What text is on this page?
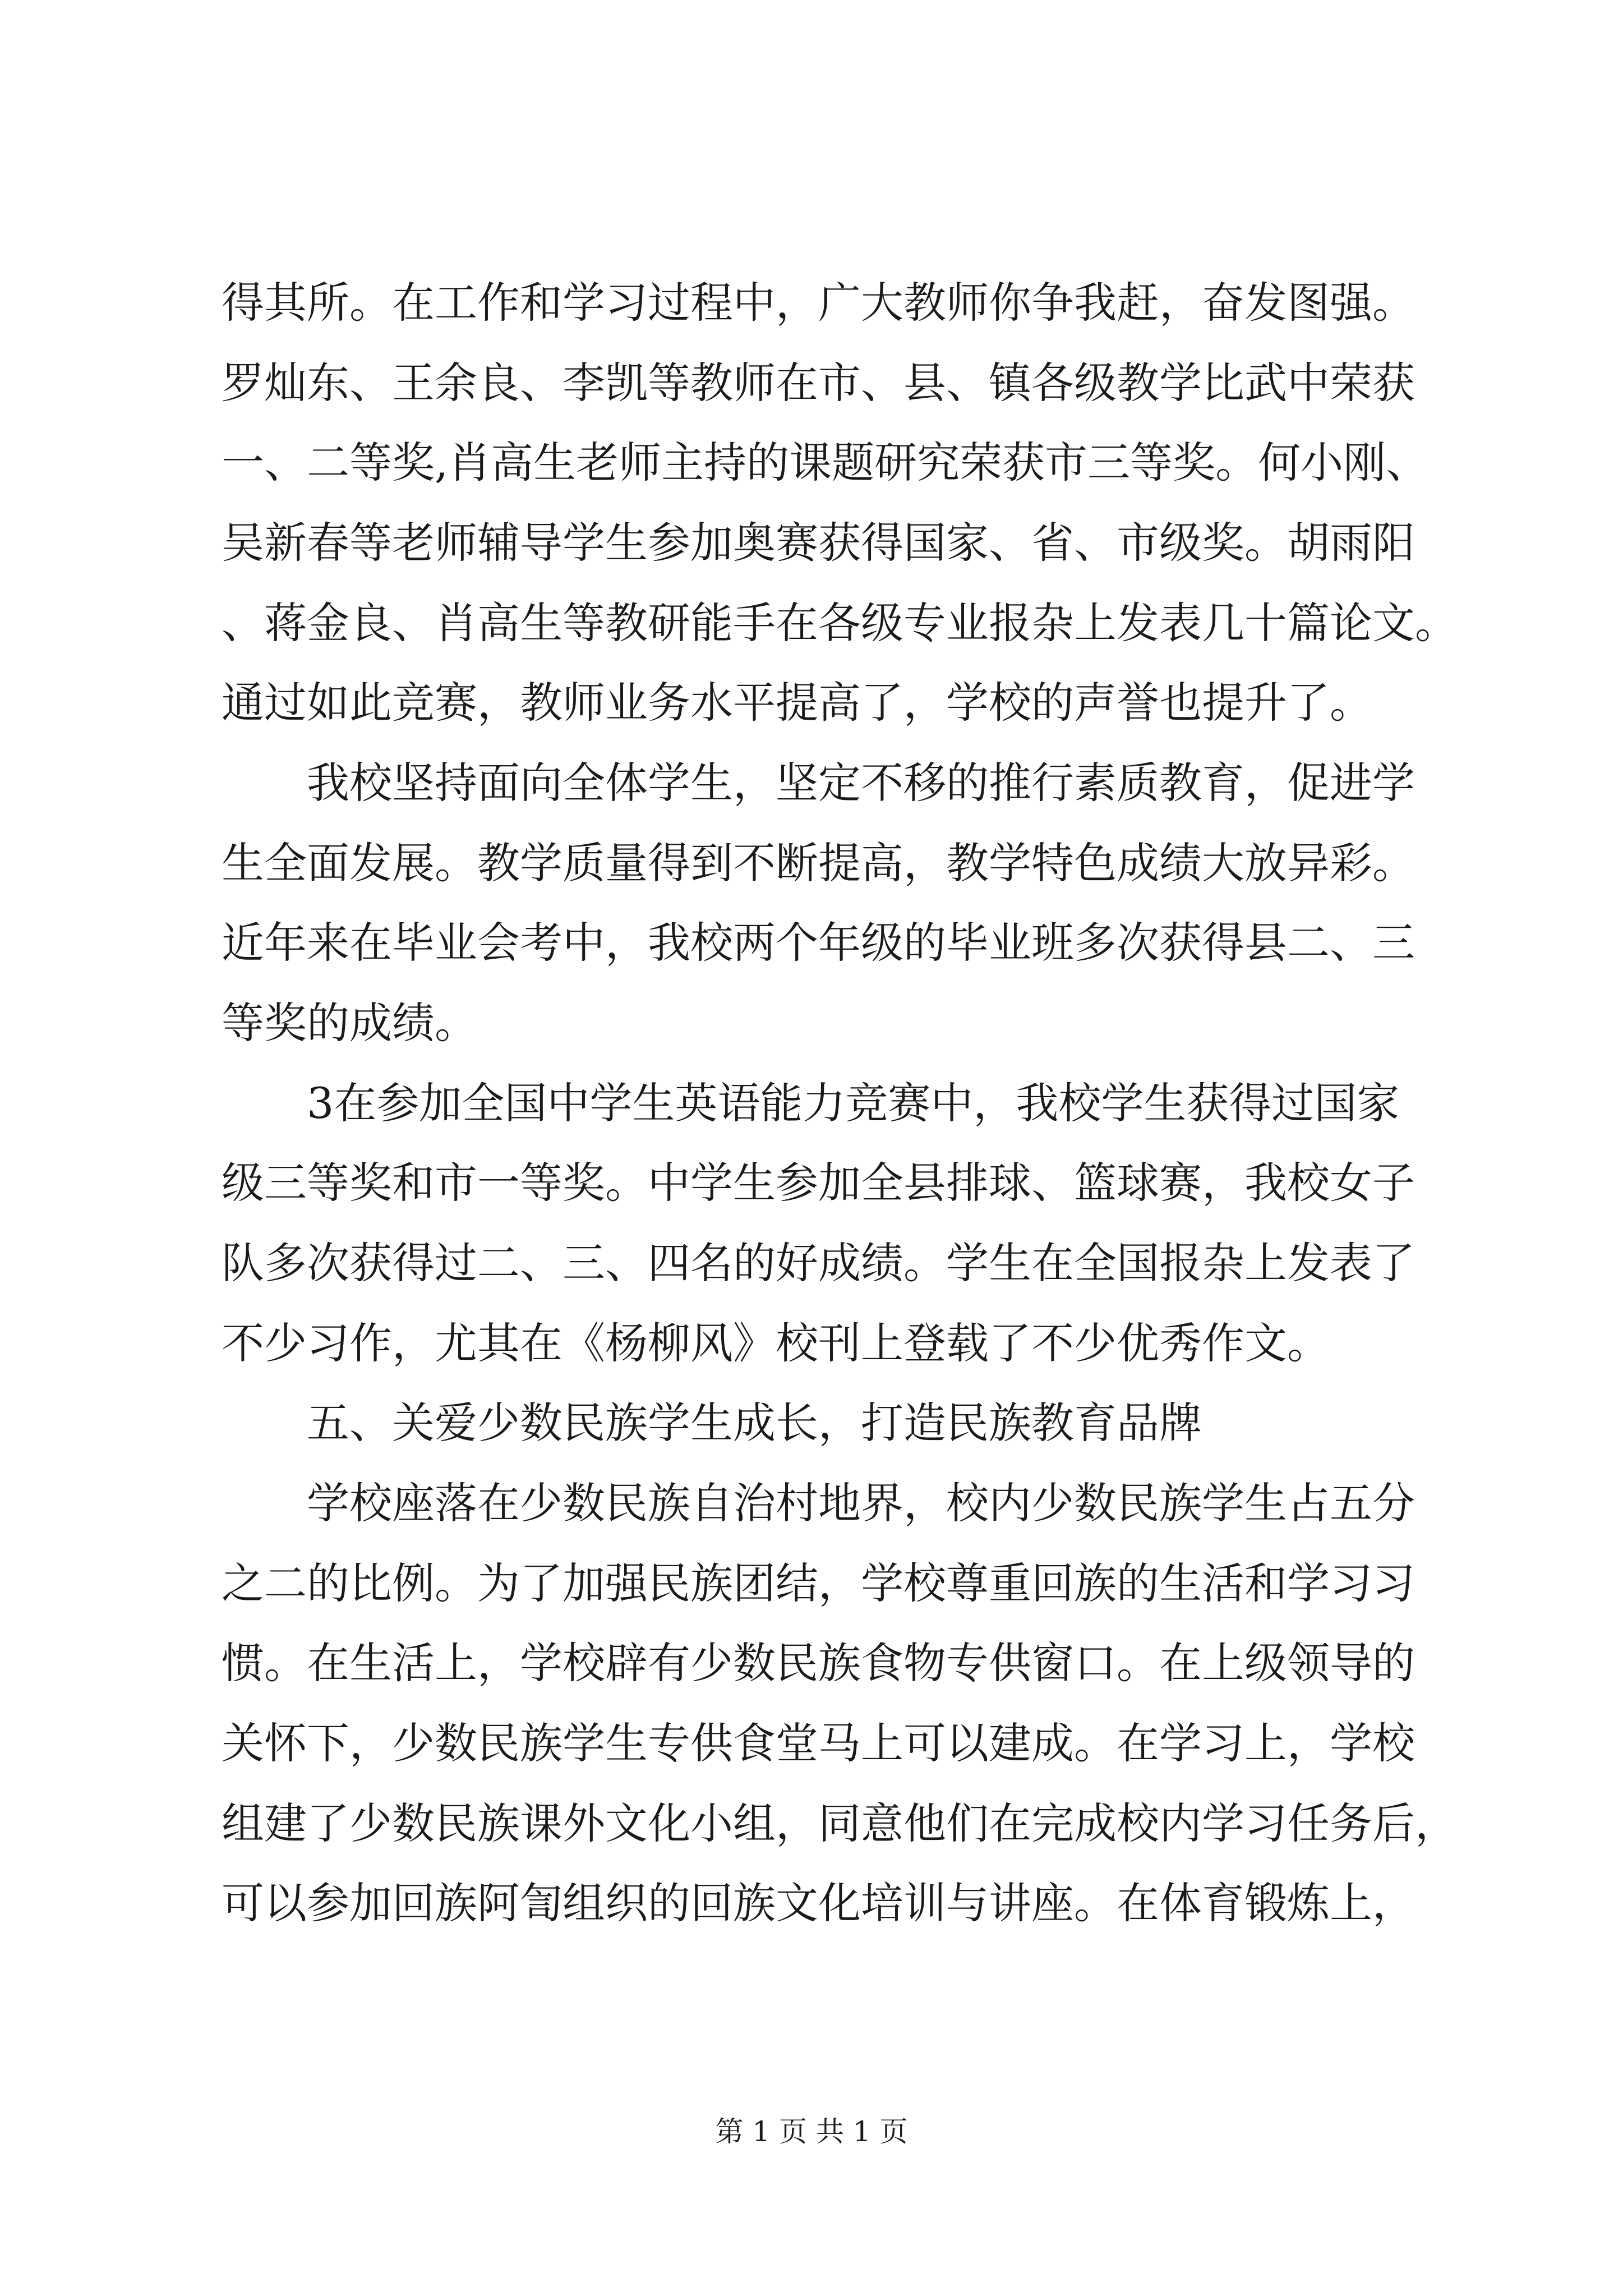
得其所。在工作和学习过程中，广大教师你争我赶，奋发图强。
罗灿东、王余良、李凯等教师在市、县、镇各级教学比武中荣获
一、二等奖,肖高生老师主持的课题研究荣获市三等奖。何小刚、
吴新春等老师辅导学生参加奥赛获得国家、省、市级奖。胡雨阳
、蒋金良、肖高生等教研能手在各级专业报杂上发表几十篇论文。
通过如此竞赛，教师业务水平提高了，学校的声誉也提升了。
　　我校坚持面向全体学生，坚定不移的推行素质教育，促进学
生全面发展。教学质量得到不断提高，教学特色成绩大放异彩。
近年来在毕业会考中，我校两个年级的毕业班多次获得县二、三
等奖的成绩。
　　3在参加全国中学生英语能力竞赛中，我校学生获得过国家
级三等奖和市一等奖。中学生参加全县排球、篮球赛，我校女子
队多次获得过二、三、四名的好成绩。学生在全国报杂上发表了
不少习作，尤其在《杨柳风》校刊上登载了不少优秀作文。
　　五、关爱少数民族学生成长，打造民族教育品牌
　　学校座落在少数民族自治村地界，校内少数民族学生占五分
之二的比例。为了加强民族团结，学校尊重回族的生活和学习习
惯。在生活上，学校辟有少数民族食物专供窗口。在上级领导的
关怀下，少数民族学生专供食堂马上可以建成。在学习上，学校
组建了少数民族课外文化小组，同意他们在完成校内学习任务后，
可以参加回族阿訇组织的回族文化培训与讲座。在体育锻炼上，
第 1 页 共 1 页
